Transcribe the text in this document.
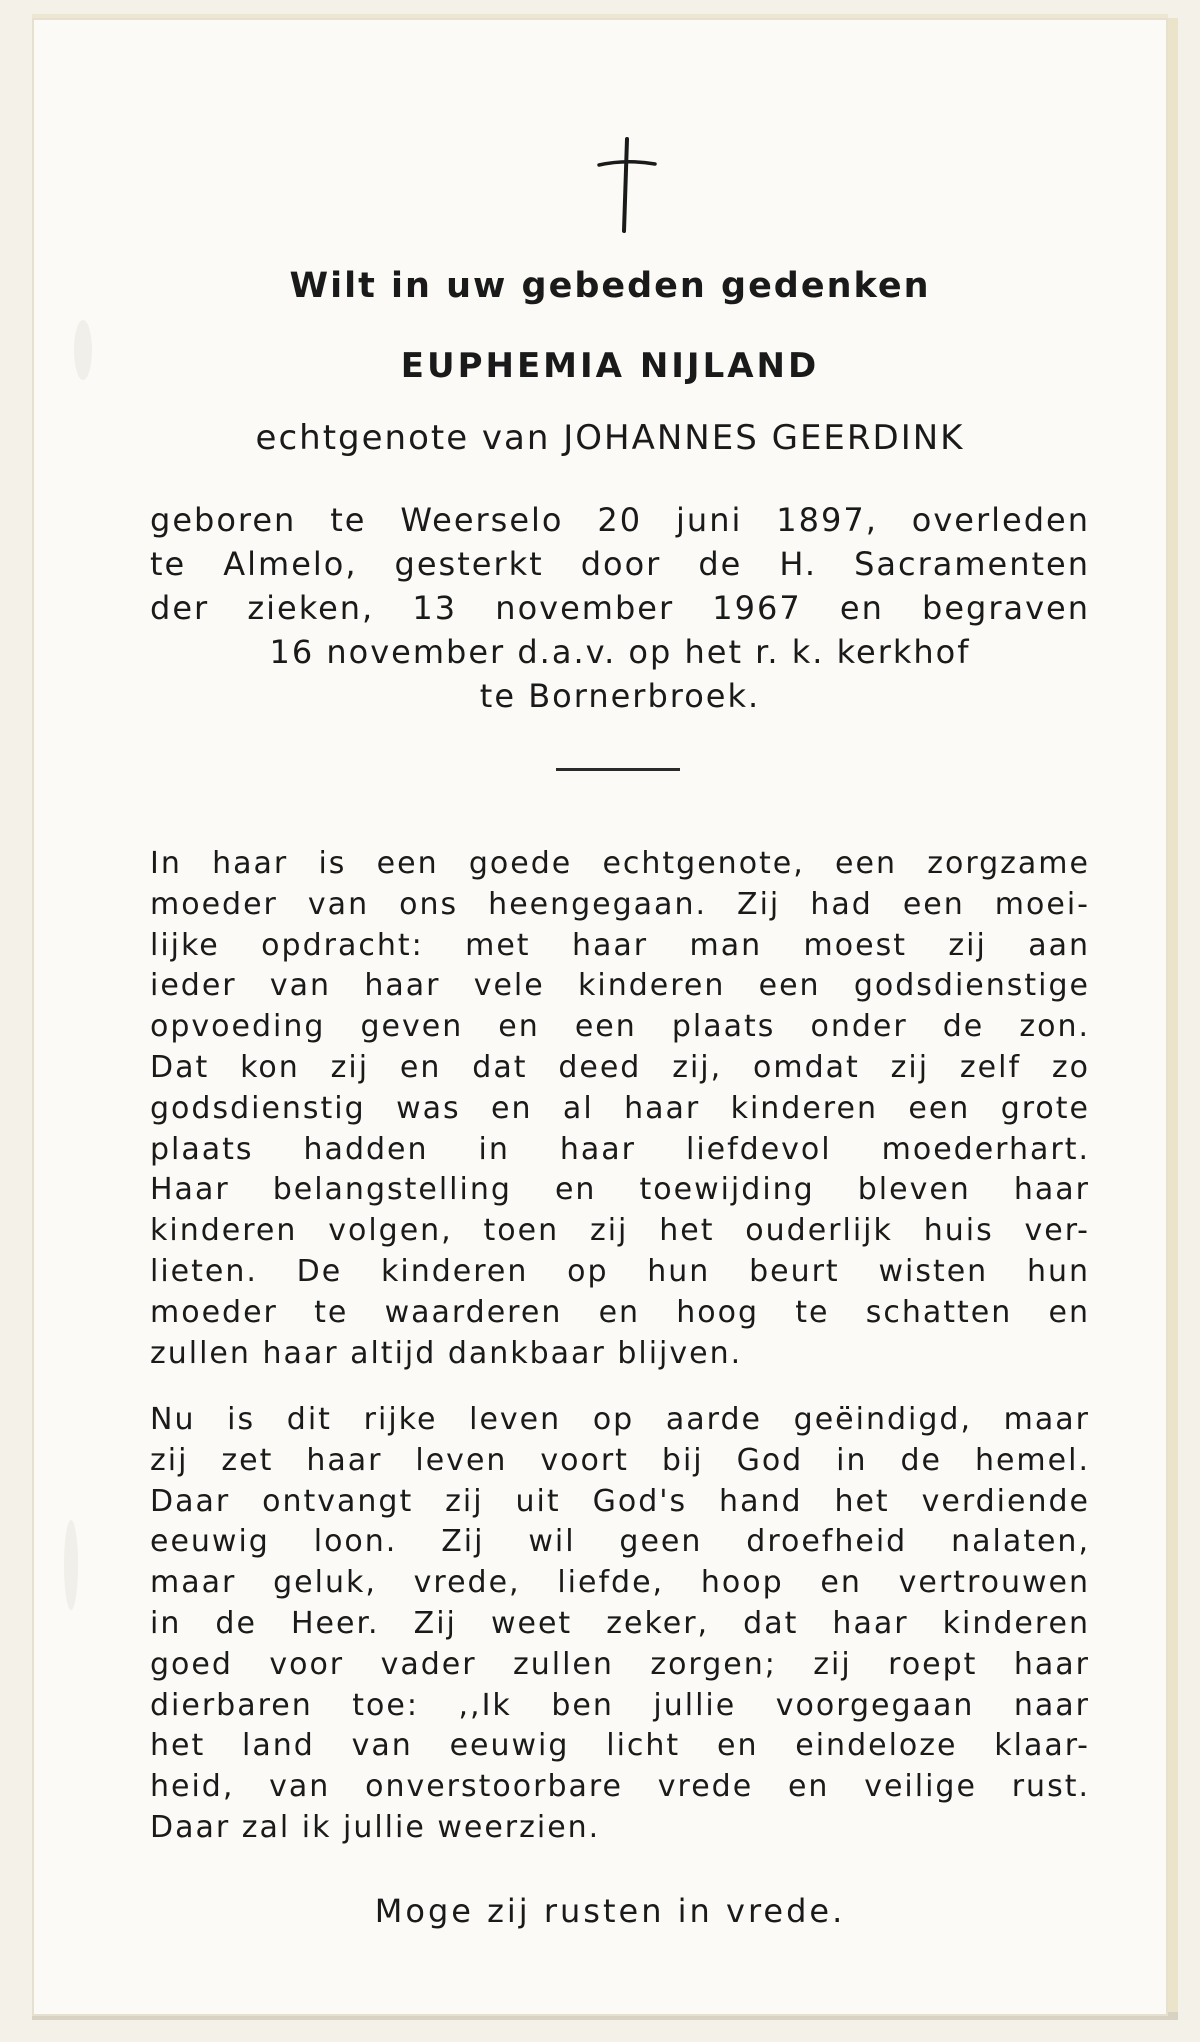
Wilt in uw gebeden gedenken
EUPHEMIA NIJLAND
echtgenote van JOHANNES GEERDINK
geboren te Weerselo 20 juni 1897, overleden
te Almelo, gesterkt door de H. Sacramenten
der zieken, 13 november 1967 en begraven
16 november d.a.v. op het r. k. kerkhof
te Bornerbroek.
In haar is een goede echtgenote, een zorgzame
moeder van ons heengegaan. Zij had een moei-
lijke opdracht: met haar man moest zij aan
ieder van haar vele kinderen een godsdienstige
opvoeding geven en een plaats onder de zon.
Dat kon zij en dat deed zij, omdat zij zelf zo
godsdienstig was en al haar kinderen een grote
plaats hadden in haar liefdevol moederhart.
Haar belangstelling en toewijding bleven haar
kinderen volgen, toen zij het ouderlijk huis ver-
lieten. De kinderen op hun beurt wisten hun
moeder te waarderen en hoog te schatten en
zullen haar altijd dankbaar blijven.
Nu is dit rijke leven op aarde geëindigd, maar
zij zet haar leven voort bij God in de hemel.
Daar ontvangt zij uit God's hand het verdiende
eeuwig loon. Zij wil geen droefheid nalaten,
maar geluk, vrede, liefde, hoop en vertrouwen
in de Heer. Zij weet zeker, dat haar kinderen
goed voor vader zullen zorgen; zij roept haar
dierbaren toe: ,,Ik ben jullie voorgegaan naar
het land van eeuwig licht en eindeloze klaar-
heid, van onverstoorbare vrede en veilige rust.
Daar zal ik jullie weerzien.
Moge zij rusten in vrede.
